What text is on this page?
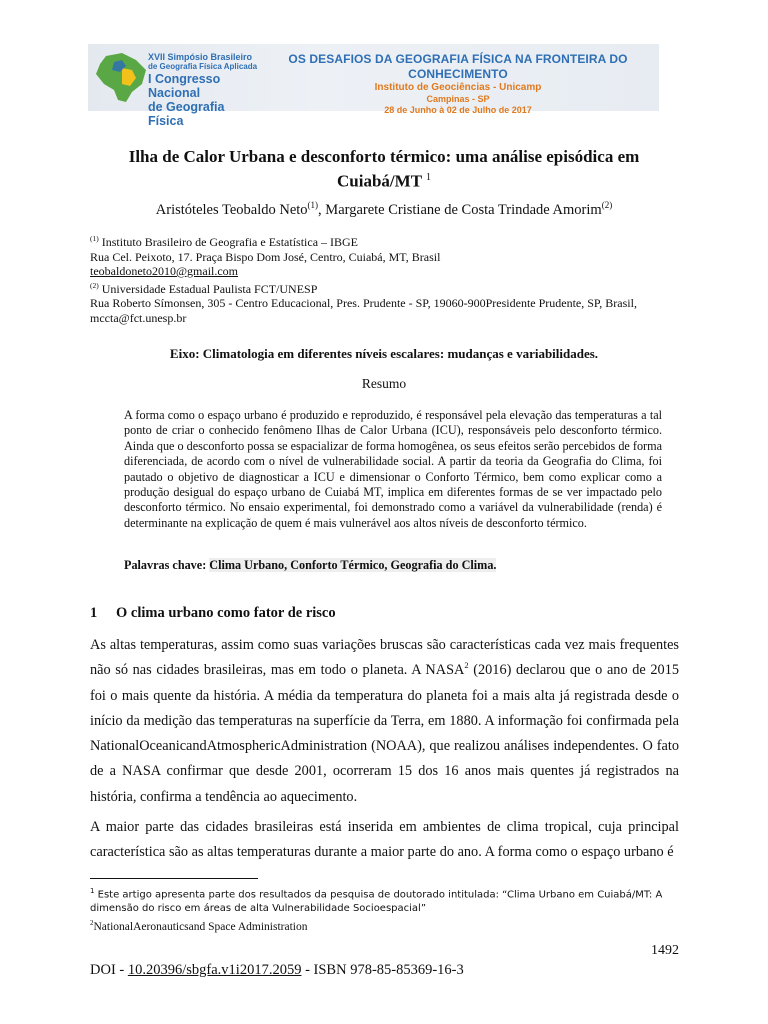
XVII Simpósio Brasileiro
de Geografia Física Aplicada
I Congresso Nacional
de Geografia Física
OS DESAFIOS DA GEOGRAFIA FÍSICA NA FRONTEIRA DO CONHECIMENTO
Instituto de Geociências - Unicamp
Campinas - SP
28 de Junho à 02 de Julho de 2017
Ilha de Calor Urbana e desconforto térmico: uma análise episódica em
Cuiabá/MT $^1$
Aristóteles Teobaldo Neto$^{(1)}$, Margarete Cristiane de Costa Trindade Amorim$^{(2)}$
$^{(1)}$ Instituto Brasileiro de Geografia e Estatística – IBGE
Rua Cel. Peixoto, 17. Praça Bispo Dom José, Centro, Cuiabá, MT, Brasil
teobaldoneto2010@gmail.com
$^{(2)}$ Universidade Estadual Paulista FCT/UNESP
Rua Roberto Símonsen, 305 - Centro Educacional, Pres. Prudente - SP, 19060-900Presidente Prudente, SP, Brasil,
mccta@fct.unesp.br
Eixo: Climatologia em diferentes níveis escalares: mudanças e variabilidades.
Resumo
A forma como o espaço urbano é produzido e reproduzido, é responsável pela elevação das temperaturas a tal ponto de criar o conhecido fenômeno Ilhas de Calor Urbana (ICU), responsáveis pelo desconforto térmico. Ainda que o desconforto possa se espacializar de forma homogênea, os seus efeitos serão percebidos de forma diferenciada, de acordo com o nível de vulnerabilidade social. A partir da teoria da Geografia do Clima, foi pautado o objetivo de diagnosticar a ICU e dimensionar o Conforto Térmico, bem como explicar como a produção desigual do espaço urbano de Cuiabá MT, implica em diferentes formas de se ver impactado pelo desconforto térmico. No ensaio experimental, foi demonstrado como a variável da vulnerabilidade (renda) é determinante na explicação de quem é mais vulnerável aos altos níveis de desconforto térmico.
Palavras chave: Clima Urbano, Conforto Térmico, Geografia do Clima.
1 O clima urbano como fator de risco
As altas temperaturas, assim como suas variações bruscas são características cada vez mais frequentes não só nas cidades brasileiras, mas em todo o planeta. A NASA$^2$ (2016) declarou que o ano de 2015 foi o mais quente da história. A média da temperatura do planeta foi a mais alta já registrada desde o início da medição das temperaturas na superfície da Terra, em 1880. A informação foi confirmada pela NationalOceanicandAtmosphericAdministration (NOAA), que realizou análises independentes. O fato de a NASA confirmar que desde 2001, ocorreram 15 dos 16 anos mais quentes já registrados na história, confirma a tendência ao aquecimento.
A maior parte das cidades brasileiras está inserida em ambientes de clima tropical, cuja principal característica são as altas temperaturas durante a maior parte do ano. A forma como o espaço urbano é
$^1$ Este artigo apresenta parte dos resultados da pesquisa de doutorado intitulada: “Clima Urbano em Cuiabá/MT: A dimensão do risco em áreas de alta Vulnerabilidade Socioespacial”
$^2$NationalAeronauticsand Space Administration
1492
DOI - 10.20396/sbgfa.v1i2017.2059 - ISBN 978-85-85369-16-3
